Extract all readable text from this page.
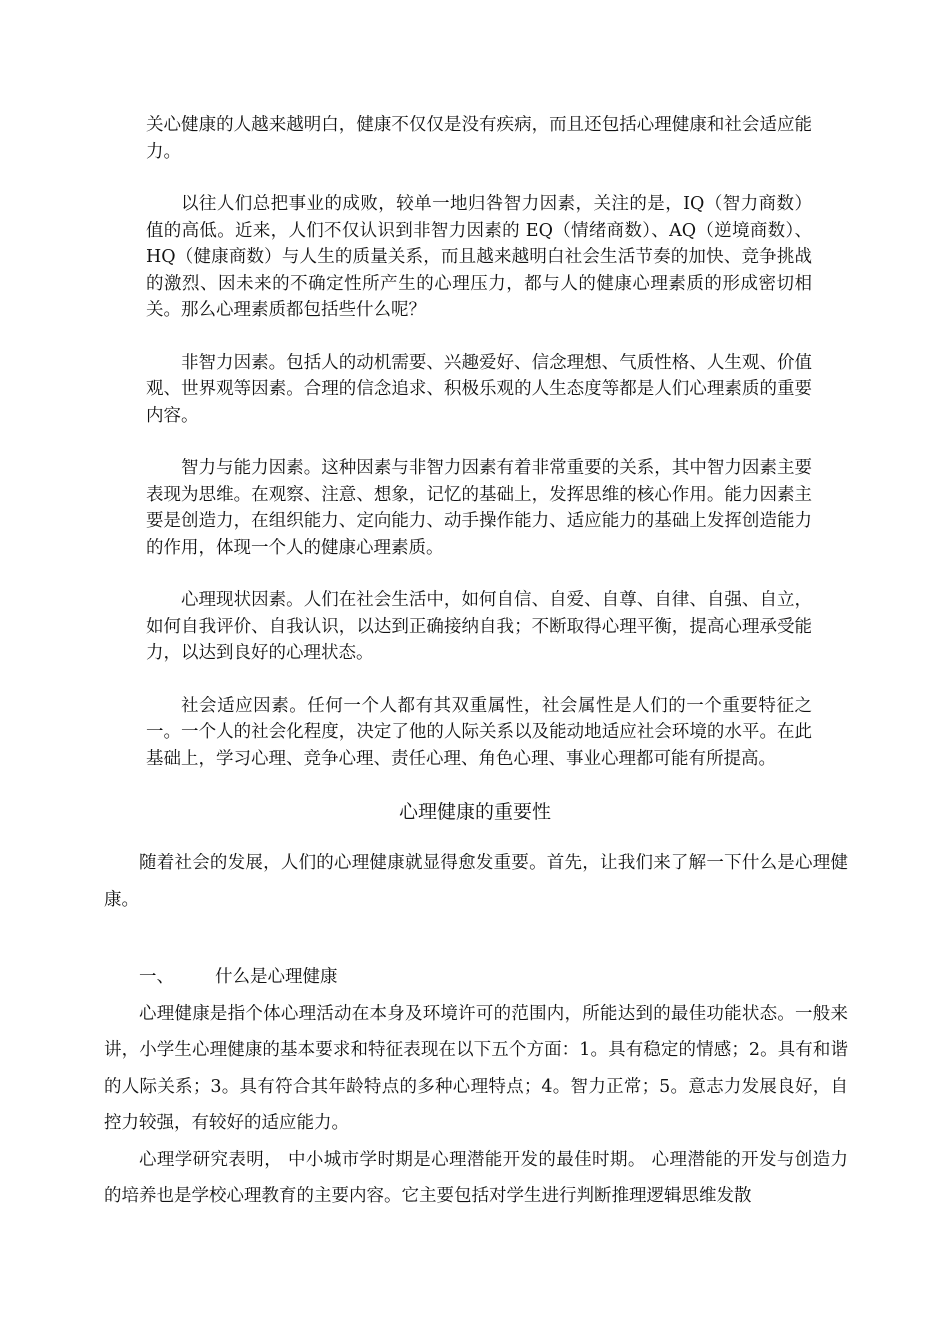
关心健康的人越来越明白，健康不仅仅是没有疾病，而且还包括心理健康和社会适应能力。

以往人们总把事业的成败，较单一地归咎智力因素，关注的是，IQ（智力商数）值的高低。近来，人们不仅认识到非智力因素的 EQ（情绪商数）、AQ（逆境商数）、HQ（健康商数）与人生的质量关系，而且越来越明白社会生活节奏的加快、竞争挑战的激烈、因未来的不确定性所产生的心理压力，都与人的健康心理素质的形成密切相关。那么心理素质都包括些什么呢？

非智力因素。包括人的动机需要、兴趣爱好、信念理想、气质性格、人生观、价值观、世界观等因素。合理的信念追求、积极乐观的人生态度等都是人们心理素质的重要内容。

智力与能力因素。这种因素与非智力因素有着非常重要的关系，其中智力因素主要表现为思维。在观察、注意、想象，记忆的基础上，发挥思维的核心作用。能力因素主要是创造力，在组织能力、定向能力、动手操作能力、适应能力的基础上发挥创造能力的作用，体现一个人的健康心理素质。

心理现状因素。人们在社会生活中，如何自信、自爱、自尊、自律、自强、自立，如何自我评价、自我认识，以达到正确接纳自我；不断取得心理平衡，提高心理承受能力，以达到良好的心理状态。

社会适应因素。任何一个人都有其双重属性，社会属性是人们的一个重要特征之一。一个人的社会化程度，决定了他的人际关系以及能动地适应社会环境的水平。在此基础上，学习心理、竞争心理、责任心理、角色心理、事业心理都可能有所提高。

心理健康的重要性

随着社会的发展，人们的心理健康就显得愈发重要。首先，让我们来了解一下什么是心理健康。

一、 什么是心理健康

心理健康是指个体心理活动在本身及环境许可的范围内，所能达到的最佳功能状态。一般来讲，小学生心理健康的基本要求和特征表现在以下五个方面：1。具有稳定的情感；2。具有和谐的人际关系；3。具有符合其年龄特点的多种心理特点；4。智力正常；5。意志力发展良好，自控力较强，有较好的适应能力。

心理学研究表明， 中小城市学时期是心理潜能开发的最佳时期。 心理潜能的开发与创造力的培养也是学校心理教育的主要内容。它主要包括对学生进行判断推理逻辑思维发散
